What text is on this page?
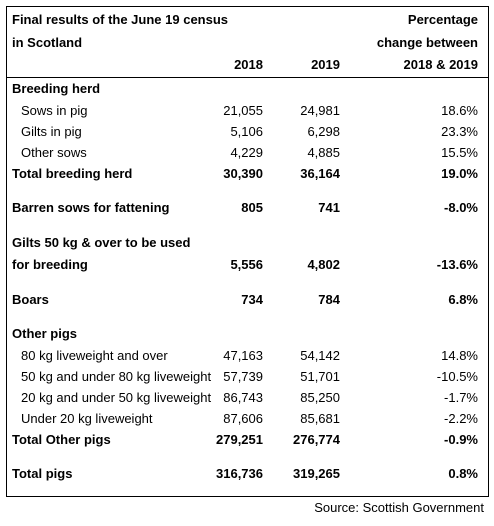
Final results of the June 19 census
in Scotland
Percentage
change between
2018 & 2019
2018	2019
Breeding herd
Sows in pig	21,055	24,981	18.6%
Gilts in pig	5,106	6,298	23.3%
Other sows	4,229	4,885	15.5%
Total breeding herd	30,390	36,164	19.0%
Barren sows for fattening	805	741	-8.0%
Gilts 50 kg & over to be used
for breeding	5,556	4,802	-13.6%
Boars	734	784	6.8%
Other pigs
80 kg liveweight and over	47,163	54,142	14.8%
50 kg and under 80 kg liveweight 57,739	51,701	-10.5%
20 kg and under 50 kg liveweight 86,743	85,250	-1.7%
Under 20 kg liveweight	87,606	85,681	-2.2%
Total Other pigs	279,251 276,774	-0.9%
Total pigs	316,736 319,265	0.8%
Source: Scottish Government
